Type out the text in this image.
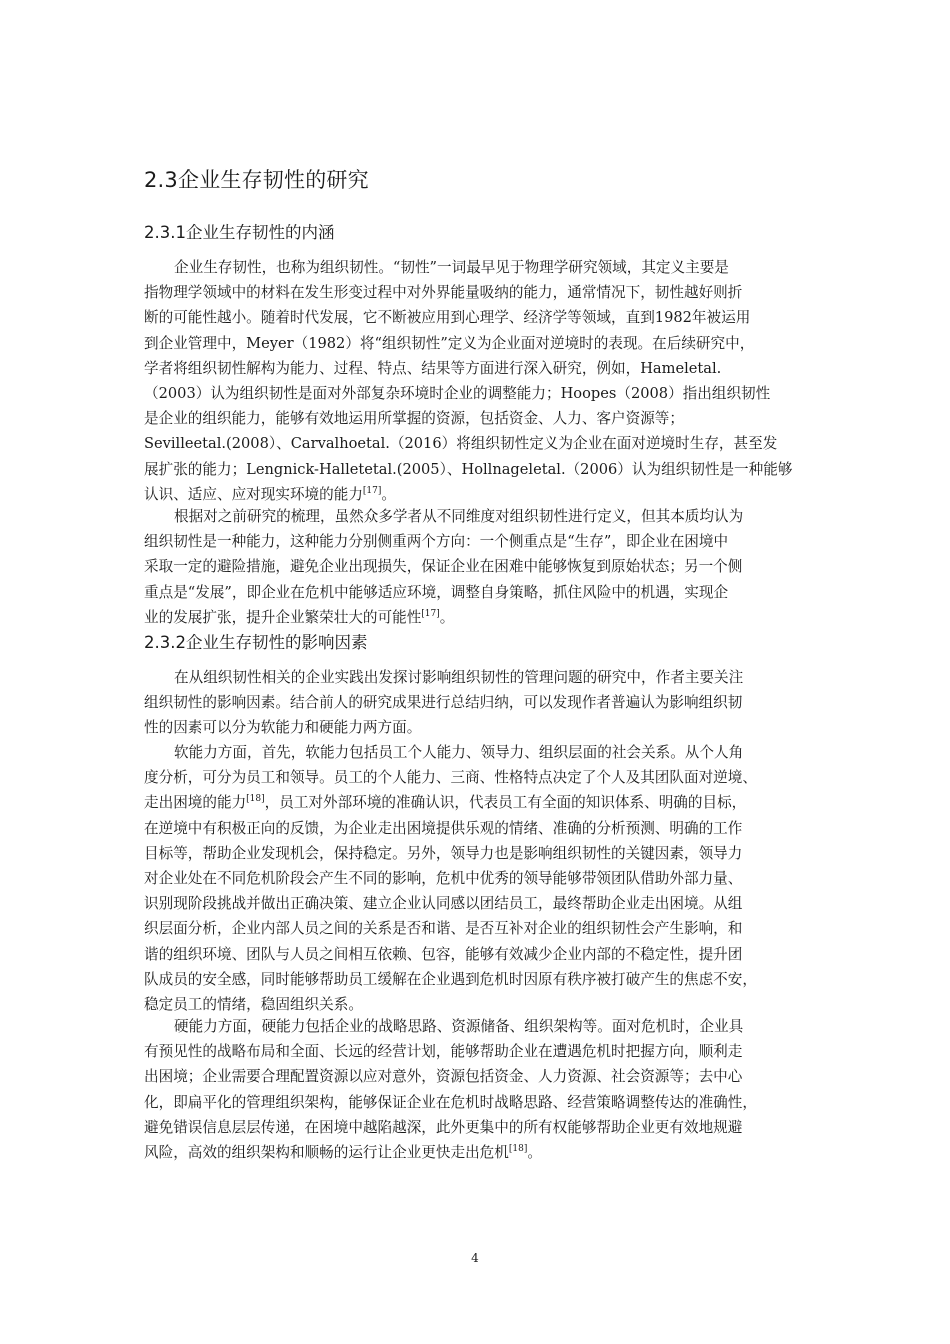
2.3企业生存韧性的研究
2.3.1企业生存韧性的内涵
企业生存韧性，也称为组织韧性。“韧性”一词最早见于物理学研究领域，其定义主要是
指物理学领域中的材料在发生形变过程中对外界能量吸纳的能力，通常情况下，韧性越好则折
断的可能性越小。随着时代发展，它不断被应用到心理学、经济学等领域，直到1982年被运用
到企业管理中，Meyer（1982）将“组织韧性”定义为企业面对逆境时的表现。在后续研究中，
学者将组织韧性解构为能力、过程、特点、结果等方面进行深入研究，例如，Hameletal.
（2003）认为组织韧性是面对外部复杂环境时企业的调整能力；Hoopes（2008）指出组织韧性
是企业的组织能力，能够有效地运用所掌握的资源，包括资金、人力、客户资源等；
Sevilleetal.(2008）、Carvalhoetal.（2016）将组织韧性定义为企业在面对逆境时生存，甚至发
展扩张的能力；Lengnick-Halletetal.(2005）、Hollnageletal.（2006）认为组织韧性是一种能够
认识、适应、应对现实环境的能力[17]。
根据对之前研究的梳理，虽然众多学者从不同维度对组织韧性进行定义，但其本质均认为
组织韧性是一种能力，这种能力分别侧重两个方向：一个侧重点是“生存”，即企业在困境中
采取一定的避险措施，避免企业出现损失，保证企业在困难中能够恢复到原始状态；另一个侧
重点是“发展”，即企业在危机中能够适应环境，调整自身策略，抓住风险中的机遇，实现企
业的发展扩张，提升企业繁荣壮大的可能性[17]。
2.3.2企业生存韧性的影响因素
在从组织韧性相关的企业实践出发探讨影响组织韧性的管理问题的研究中，作者主要关注
组织韧性的影响因素。结合前人的研究成果进行总结归纳，可以发现作者普遍认为影响组织韧
性的因素可以分为软能力和硬能力两方面。
软能力方面，首先，软能力包括员工个人能力、领导力、组织层面的社会关系。从个人角
度分析，可分为员工和领导。员工的个人能力、三商、性格特点决定了个人及其团队面对逆境、
走出困境的能力[18]，员工对外部环境的准确认识，代表员工有全面的知识体系、明确的目标，
在逆境中有积极正向的反馈，为企业走出困境提供乐观的情绪、准确的分析预测、明确的工作
目标等，帮助企业发现机会，保持稳定。另外，领导力也是影响组织韧性的关键因素，领导力
对企业处在不同危机阶段会产生不同的影响，危机中优秀的领导能够带领团队借助外部力量、
识别现阶段挑战并做出正确决策、建立企业认同感以团结员工，最终帮助企业走出困境。从组
织层面分析，企业内部人员之间的关系是否和谐、是否互补对企业的组织韧性会产生影响，和
谐的组织环境、团队与人员之间相互依赖、包容，能够有效减少企业内部的不稳定性，提升团
队成员的安全感，同时能够帮助员工缓解在企业遇到危机时因原有秩序被打破产生的焦虑不安，
稳定员工的情绪，稳固组织关系。
硬能力方面，硬能力包括企业的战略思路、资源储备、组织架构等。面对危机时，企业具
有预见性的战略布局和全面、长远的经营计划，能够帮助企业在遭遇危机时把握方向，顺利走
出困境；企业需要合理配置资源以应对意外，资源包括资金、人力资源、社会资源等；去中心
化，即扁平化的管理组织架构，能够保证企业在危机时战略思路、经营策略调整传达的准确性，
避免错误信息层层传递，在困境中越陷越深，此外更集中的所有权能够帮助企业更有效地规避
风险，高效的组织架构和顺畅的运行让企业更快走出危机[18]。
4
